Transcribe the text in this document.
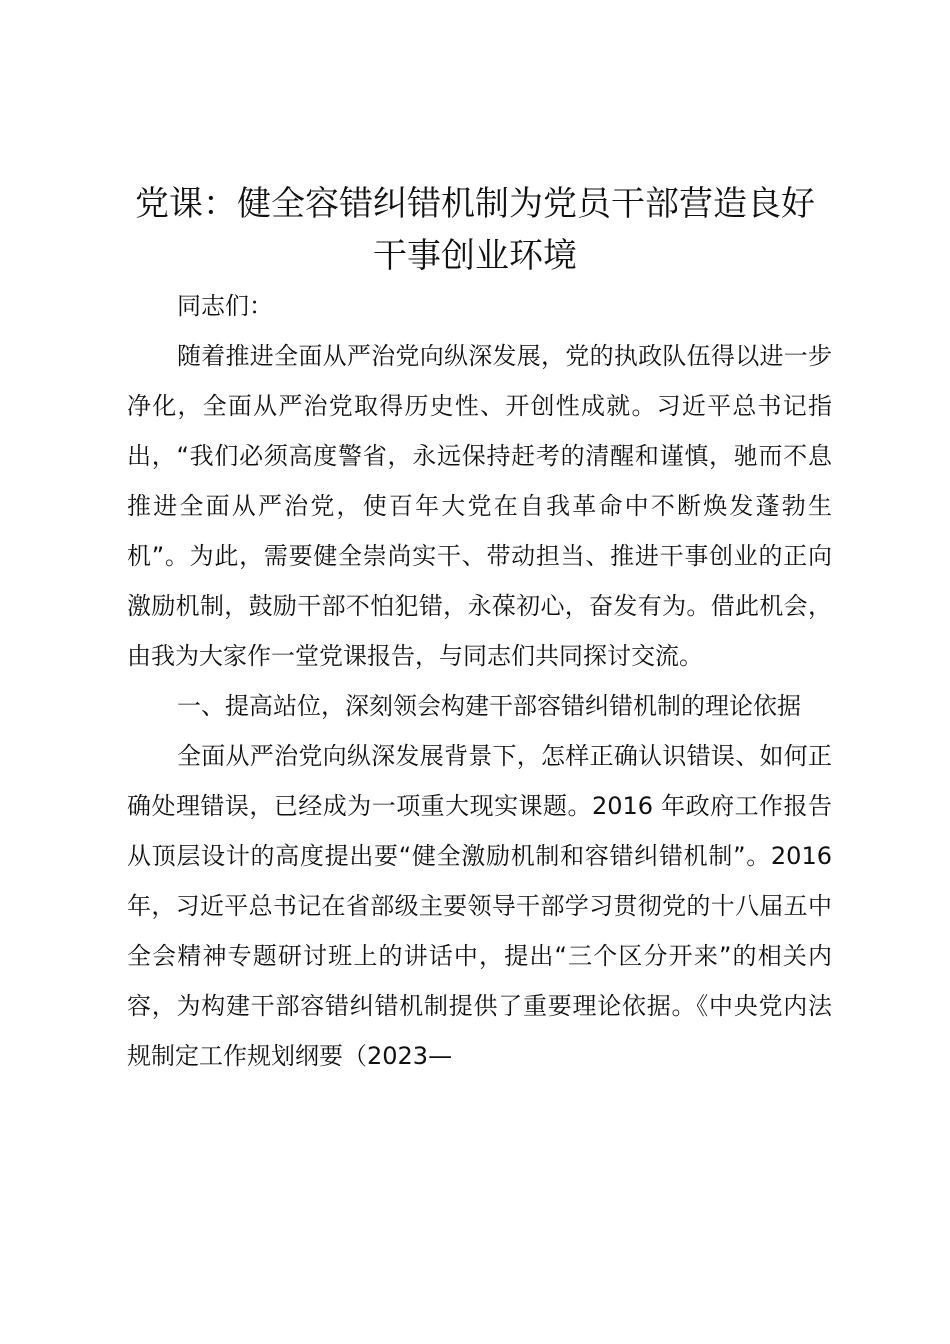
党课：健全容错纠错机制为党员干部营造良好
干事创业环境

同志们：

随着推进全面从严治党向纵深发展，党的执政队伍得以进一步净化，全面从严治党取得历史性、开创性成就。习近平总书记指出，“我们必须高度警省，永远保持赶考的清醒和谨慎，驰而不息推进全面从严治党，使百年大党在自我革命中不断焕发蓬勃生机”。为此，需要健全崇尚实干、带动担当、推进干事创业的正向激励机制，鼓励干部不怕犯错，永葆初心，奋发有为。借此机会，由我为大家作一堂党课报告，与同志们共同探讨交流。

一、提高站位，深刻领会构建干部容错纠错机制的理论依据

全面从严治党向纵深发展背景下，怎样正确认识错误、如何正确处理错误，已经成为一项重大现实课题。2016 年政府工作报告从顶层设计的高度提出要“健全激励机制和容错纠错机制”。2016 年，习近平总书记在省部级主要领导干部学习贯彻党的十八届五中全会精神专题研讨班上的讲话中，提出“三个区分开来”的相关内容，为构建干部容错纠错机制提供了重要理论依据。《中央党内法规制定工作规划纲要（2023—
